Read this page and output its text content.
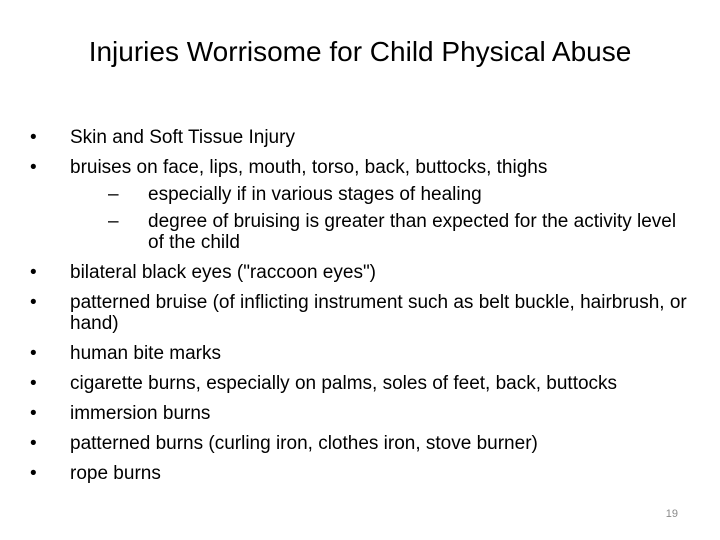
Injuries Worrisome for Child Physical Abuse
• Skin and Soft Tissue Injury
• bruises on face, lips, mouth, torso, back, buttocks, thighs
– especially if in various stages of healing
– degree of bruising is greater than expected for the activity level of the child
• bilateral black eyes ("raccoon eyes")
• patterned bruise (of inflicting instrument such as belt buckle, hairbrush, or hand)
• human bite marks
• cigarette burns, especially on palms, soles of feet, back, buttocks
• immersion burns
• patterned burns (curling iron, clothes iron, stove burner)
• rope burns
19
